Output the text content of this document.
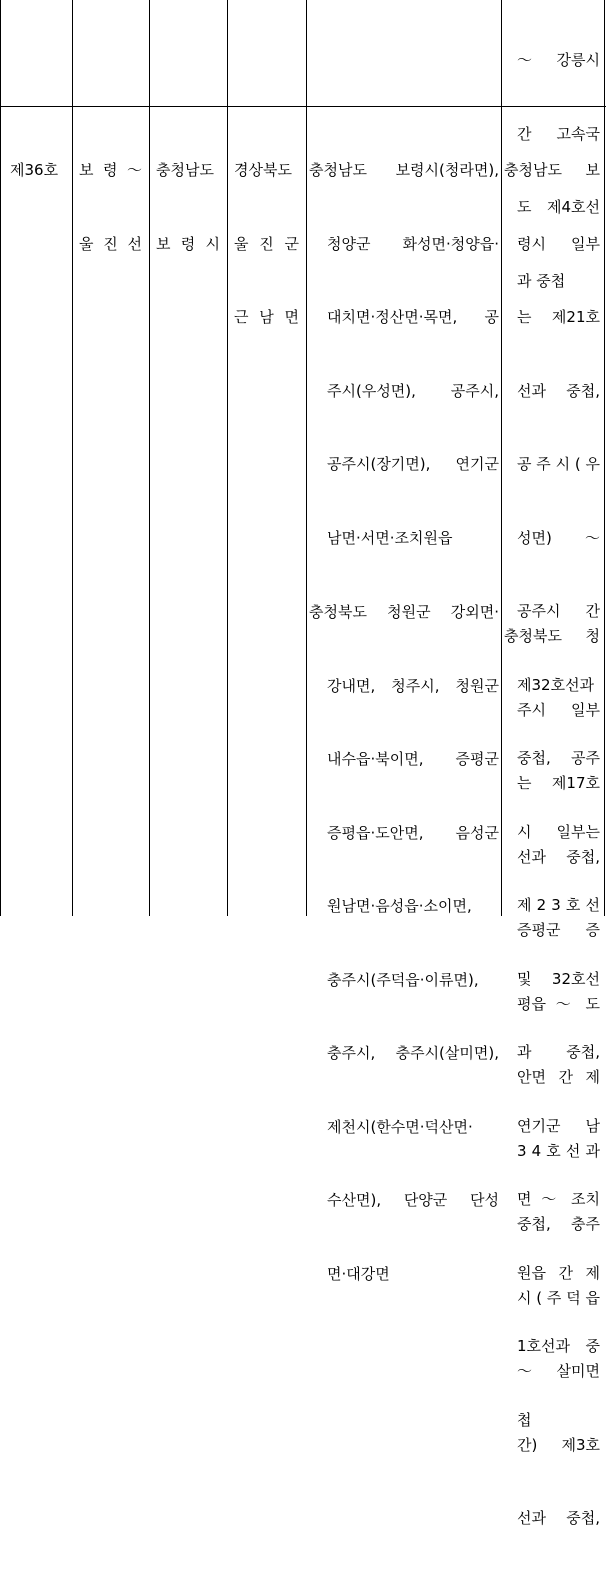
～ 강릉시

간 고속국

도 제4호선

과 중첩

제36호

	보 령 ～

울 진 선

충청남도

보 령 시

경상북도

울 진 군

근 남 면

충청남도 보령시(청라면),

청양군 화성면·청양읍·

대치면·정산면·목면, 공

주시(우성면), 공주시,

공주시(장기면), 연기군

남면·서면·조치원읍

충청남도 보

령시 일부

는 제21호

선과 중첩,

공 주 시 ( 우

성면)  ～

공주시 간

제32호선과

중첩, 공주

시 일부는

제 2 3 호 선

및 32호선

과  중첩,

연기군 남

면 ～ 조치

원읍 간 제

1호선과 중

첩

충청북도 청원군 강외면·

강내면, 청주시, 청원군

내수읍·북이면, 증평군

증평읍·도안면, 음성군

원남면·음성읍·소이면,

충주시(주덕읍·이류면),

충주시, 충주시(살미면),

제천시(한수면·덕산면·

수산면), 단양군 단성

면·대강면

충청북도 청

주시 일부

는 제17호

선과 중첩,

증평군 증

평읍 ～ 도

안면 간 제

3 4 호 선 과

중첩, 충주

시 ( 주 덕 읍

～  살미면

간) 제3호

선과 중첩,
